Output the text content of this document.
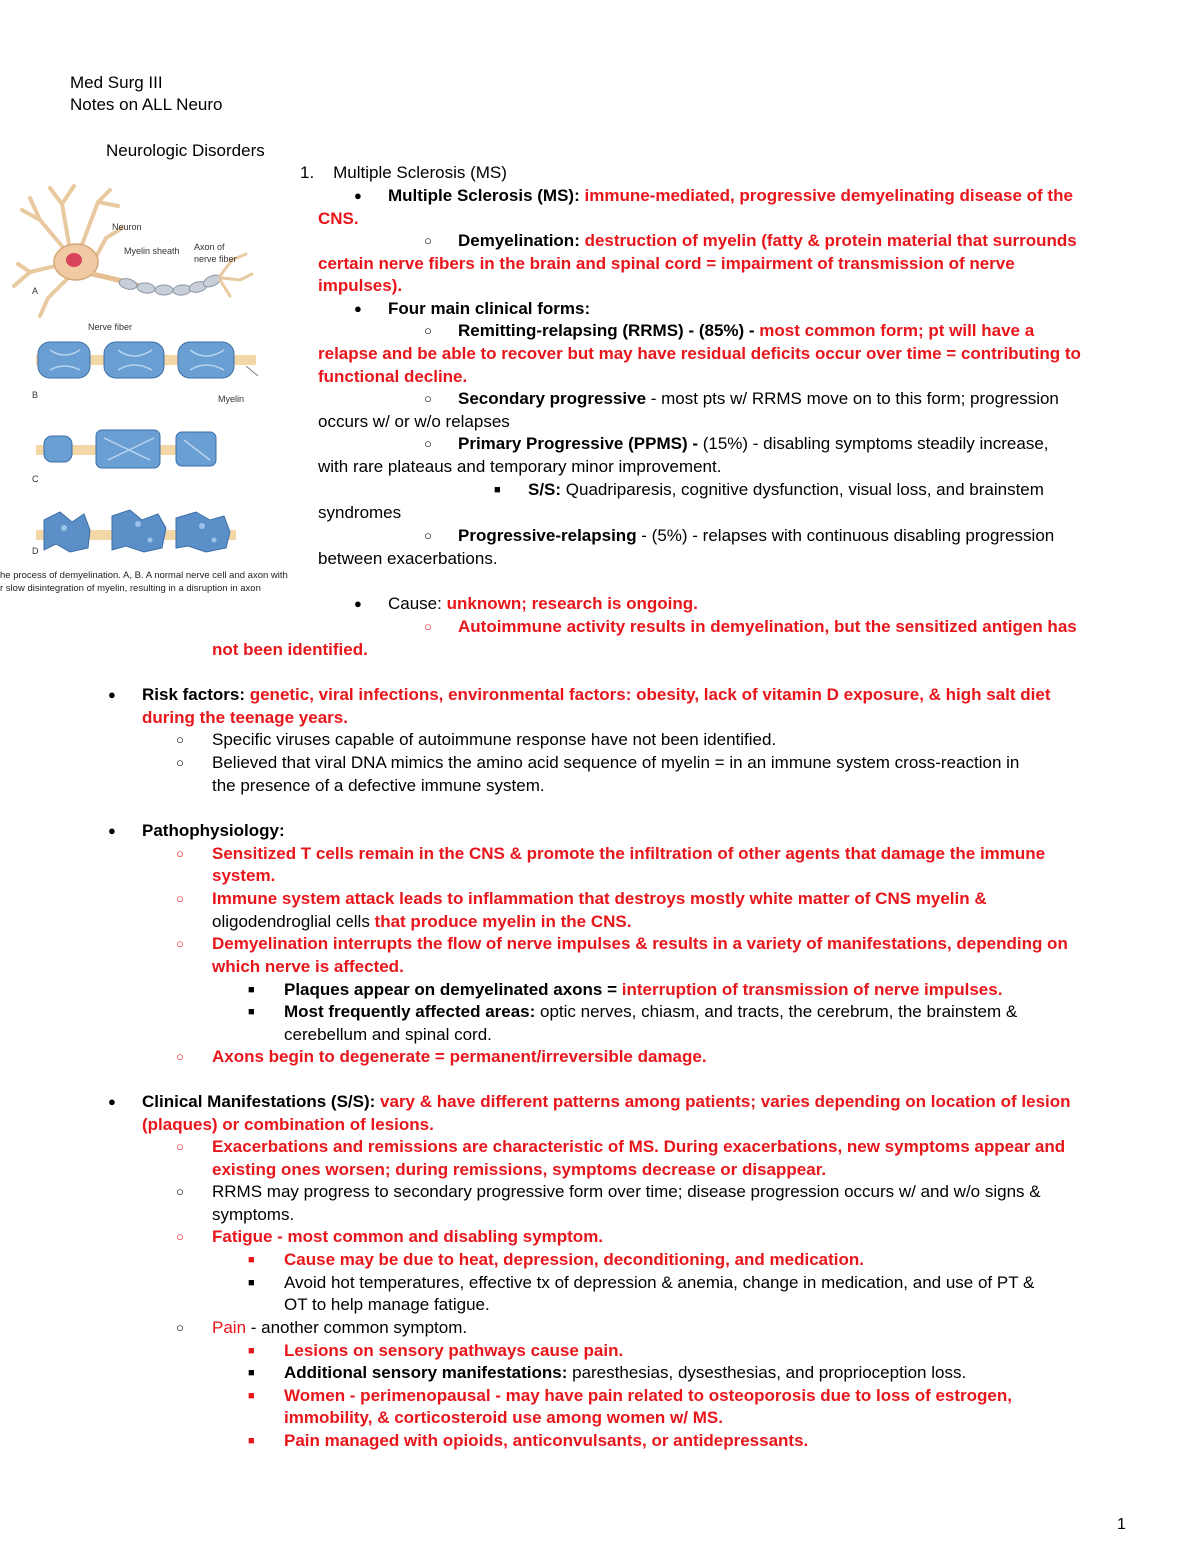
Med Surg III
Notes on ALL Neuro
Neurologic Disorders
Neuron
Myelin sheath Axon of
nerve fiber
A
Nerve fiber
B	Myelin
C
D
he process of demyelination. A, B. A normal nerve cell and axon with
r slow disintegration of myelin, resulting in a disruption in axon
1. Multiple Sclerosis (MS)
● Multiple Sclerosis (MS): immune-mediated, progressive demyelinating disease of the
CNS.
○ Demyelination: destruction of myelin (fatty & protein material that surrounds
certain nerve fibers in the brain and spinal cord = impairment of transmission of nerve
impulses).
● Four main clinical forms:
○ Remitting-relapsing (RRMS) - (85%) - most common form; pt will have a
relapse and be able to recover but may have residual deficits occur over time = contributing to
functional decline.
○ Secondary progressive - most pts w/ RRMS move on to this form; progression
occurs w/ or w/o relapses
○ Primary Progressive (PPMS) - (15%) - disabling symptoms steadily increase,
with rare plateaus and temporary minor improvement.
■ S/S: Quadriparesis, cognitive dysfunction, visual loss, and brainstem
syndromes
○ Progressive-relapsing - (5%) - relapses with continuous disabling progression
between exacerbations.
● Cause: unknown; research is ongoing.
○ Autoimmune activity results in demyelination, but the sensitized antigen has
not been identified.
● Risk factors: genetic, viral infections, environmental factors: obesity, lack of vitamin D exposure, & high salt diet
during the teenage years.
○ Specific viruses capable of autoimmune response have not been identified.
○ Believed that viral DNA mimics the amino acid sequence of myelin = in an immune system cross-reaction in
the presence of a defective immune system.
● Pathophysiology:
○ Sensitized T cells remain in the CNS & promote the infiltration of other agents that damage the immune
system.
○ Immune system attack leads to inflammation that destroys mostly white matter of CNS myelin &
oligodendroglial cells that produce myelin in the CNS.
○ Demyelination interrupts the flow of nerve impulses & results in a variety of manifestations, depending on
which nerve is affected.
■ Plaques appear on demyelinated axons = interruption of transmission of nerve impulses.
■ Most frequently affected areas: optic nerves, chiasm, and tracts, the cerebrum, the brainstem &
cerebellum and spinal cord.
○ Axons begin to degenerate = permanent/irreversible damage.
● Clinical Manifestations (S/S): vary & have different patterns among patients; varies depending on location of lesion
(plaques) or combination of lesions.
○ Exacerbations and remissions are characteristic of MS. During exacerbations, new symptoms appear and
existing ones worsen; during remissions, symptoms decrease or disappear.
○ RRMS may progress to secondary progressive form over time; disease progression occurs w/ and w/o signs &
symptoms.
○ Fatigue - most common and disabling symptom.
■ Cause may be due to heat, depression, deconditioning, and medication.
■ Avoid hot temperatures, effective tx of depression & anemia, change in medication, and use of PT &
OT to help manage fatigue.
○ Pain - another common symptom.
■ Lesions on sensory pathways cause pain.
■ Additional sensory manifestations: paresthesias, dysesthesias, and proprioception loss.
■ Women - perimenopausal - may have pain related to osteoporosis due to loss of estrogen,
immobility, & corticosteroid use among women w/ MS.
■ Pain managed with opioids, anticonvulsants, or antidepressants.
1
